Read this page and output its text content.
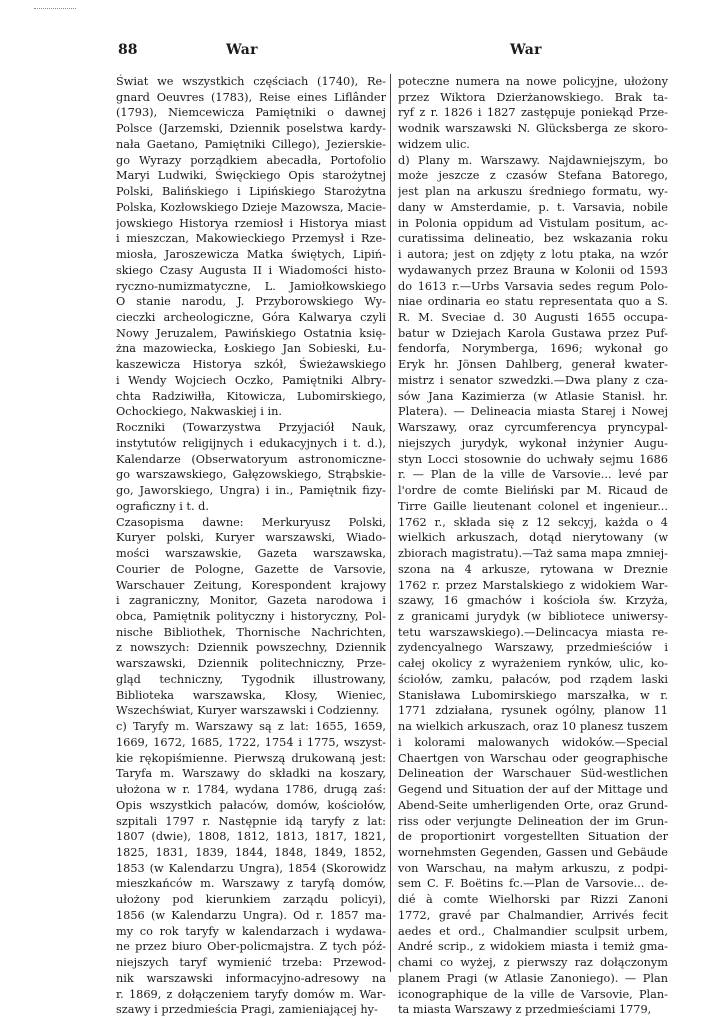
88	War	War
Świat we wszystkich częściach (1740), Re-
gnard Oeuvres (1783), Reise eines Liflânder
(1793), Niemcewicza Pamiętniki o dawnej
Polsce (Jarzemski, Dziennik poselstwa kardy-
nała Gaetano, Pamiętniki Cillego), Jezierskie-
go Wyrazy porządkiem abecadła, Portofolio
Maryi Ludwiki, Święckiego Opis starożytnej
Polski, Balińskiego i Lipińskiego Starożytna
Polska, Kozłowskiego Dzieje Mazowsza, Macie-
jowskiego Historya rzemiosł i Historya miast
i mieszczan, Makowieckiego Przemysł i Rze-
miosła, Jaroszewicza Matka świętych, Lipiń-
skiego Czasy Augusta II i Wiadomości histo-
ryczno-numizmatyczne, L. Jamiołkowskiego
O stanie narodu, J. Przyborowskiego Wy-
cieczki archeologiczne, Góra Kalwarya czyli
Nowy Jeruzalem, Pawińskiego Ostatnia księ-
żna mazowiecka, Łoskiego Jan Sobieski, Łu-
kaszewicza Historya szkół, Świeżawskiego
i Wendy Wojciech Oczko, Pamiętniki Albry-
chta Radziwiłła, Kitowicza, Lubomirskiego,
Ochockiego, Nakwaskiej i in.
Roczniki (Towarzystwa Przyjaciół Nauk,
instytutów religijnych i edukacyjnych i t. d.),
Kalendarze (Obserwatoryum astronomiczne-
go warszawskiego, Gałęzowskiego, Strąbskie-
go, Jaworskiego, Ungra) i in., Pamiętnik fizy-
ograficzny i t. d.
Czasopisma dawne: Merkuryusz Polski,
Kuryer polski, Kuryer warszawski, Wiado-
mości warszawskie, Gazeta warszawska,
Courier de Pologne, Gazette de Varsovie,
Warschauer Zeitung, Korespondent krajowy
i zagraniczny, Monitor, Gazeta narodowa i
obca, Pamiętnik polityczny i historyczny, Pol-
nische Bibliothek, Thornische Nachrichten,
z nowszych: Dziennik powszechny, Dziennik
warszawski, Dziennik politechniczny, Prze-
gląd techniczny, Tygodnik illustrowany,
Biblioteka warszawska, Kłosy, Wieniec,
Wszechświat, Kuryer warszawski i Codzienny.
c) Taryfy m. Warszawy są z lat: 1655, 1659,
1669, 1672, 1685, 1722, 1754 i 1775, wszyst-
kie rękopiśmienne. Pierwszą drukowaną jest:
Taryfa m. Warszawy do składki na koszary,
ułożona w r. 1784, wydana 1786, drugą zaś:
Opis wszystkich pałaców, domów, kościołów,
szpitali 1797 r. Następnie idą taryfy z lat:
1807 (dwie), 1808, 1812, 1813, 1817, 1821,
1825, 1831, 1839, 1844, 1848, 1849, 1852,
1853 (w Kalendarzu Ungra), 1854 (Skorowidz
mieszkańców m. Warszawy z taryfą domów,
ułożony pod kierunkiem zarządu policyi),
1856 (w Kalendarzu Ungra). Od r. 1857 ma-
my co rok taryfy w kalendarzach i wydawa-
ne przez biuro Ober-policmajstra. Z tych póź-
niejszych taryf wymienić trzeba: Przewod-
nik warszawski informacyjno-adresowy na
r. 1869, z dołączeniem taryfy domów m. War-
szawy i przedmieścia Pragi, zamieniającej hy-
poteczne numera na nowe policyjne, ułożony
przez Wiktora Dzierżanowskiego. Brak ta-
ryf z r. 1826 i 1827 zastępuje poniekąd Prze-
wodnik warszawski N. Glücksberga ze skoro-
widzem ulic.
d) Plany m. Warszawy. Najdawniejszym, bo
może jeszcze z czasów Stefana Batorego,
jest plan na arkuszu średniego formatu, wy-
dany w Amsterdamie, p. t. Varsavia, nobile
in Polonia oppidum ad Vistulam positum, ac-
curatissima delineatio, bez wskazania roku
i autora; jest on zdjęty z lotu ptaka, na wzór
wydawanych przez Brauna w Kolonii od 1593
do 1613 r.—Urbs Varsavia sedes regum Polo-
niae ordinaria eo statu representata quo a S.
R. M. Sveciae d. 30 Augusti 1655 occupa-
batur w Dziejach Karola Gustawa przez Puf-
fendorfa, Norymberga, 1696; wykonał go
Eryk hr. Jönsen Dahlberg, generał kwater-
mistrz i senator szwedzki.—Dwa plany z cza-
sów Jana Kazimierza (w Atlasie Stanisł. hr.
Platera). — Delineacia miasta Starej i Nowej
Warszawy, oraz cyrcumferencya pryncypal-
niejszych jurydyk, wykonał inżynier Augu-
styn Locci stosownie do uchwały sejmu 1686
r. — Plan de la ville de Varsovie... levé par
l'ordre de comte Bieliński par M. Ricaud de
Tirre Gaille lieutenant colonel et ingenieur...
1762 r., składa się z 12 sekcyj, każda o 4
wielkich arkuszach, dotąd nierytowany (w
zbiorach magistratu).—Taż sama mapa zmniej-
szona na 4 arkusze, rytowana w Dreznie
1762 r. przez Marstalskiego z widokiem War-
szawy, 16 gmachów i kościoła św. Krzyża,
z granicami jurydyk (w bibliotece uniwersy-
tetu warszawskiego).—Delincacya miasta re-
zydencyalnego Warszawy, przedmieściów i
całej okolicy z wyrażeniem rynków, ulic, ko-
ściołów, zamku, pałaców, pod rządem laski
Stanisława Lubomirskiego marszałka, w r.
1771 zdziałana, rysunek ogólny, planow 11
na wielkich arkuszach, oraz 10 planesz tuszem
i kolorami malowanych widoków.—Special
Chaertgen von Warschau oder geographische
Delineation der Warschauer Süd-westlichen
Gegend und Situation der auf der Mittage und
Abend-Seite umherligenden Orte, oraz Grund-
riss oder verjungte Delineation der im Grun-
de proportionirt vorgestellten Situation der
wornehmsten Gegenden, Gassen und Gebäude
von Warschau, na małym arkuszu, z podpi-
sem C. F. Boëtins fc.—Plan de Varsovie... de-
dié à comte Wielhorski par Rizzi Zanoni
1772, gravé par Chalmandier, Arrivés fecit
aedes et ord., Chalmandier sculpsit urbem,
André scrip., z widokiem miasta i temiż gma-
chami co wyżej, z pierwszy raz dołączonym
planem Pragi (w Atlasie Zanoniego). — Plan
iconographique de la ville de Varsovie, Plan-
ta miasta Warszawy z przedmieściami 1779,
